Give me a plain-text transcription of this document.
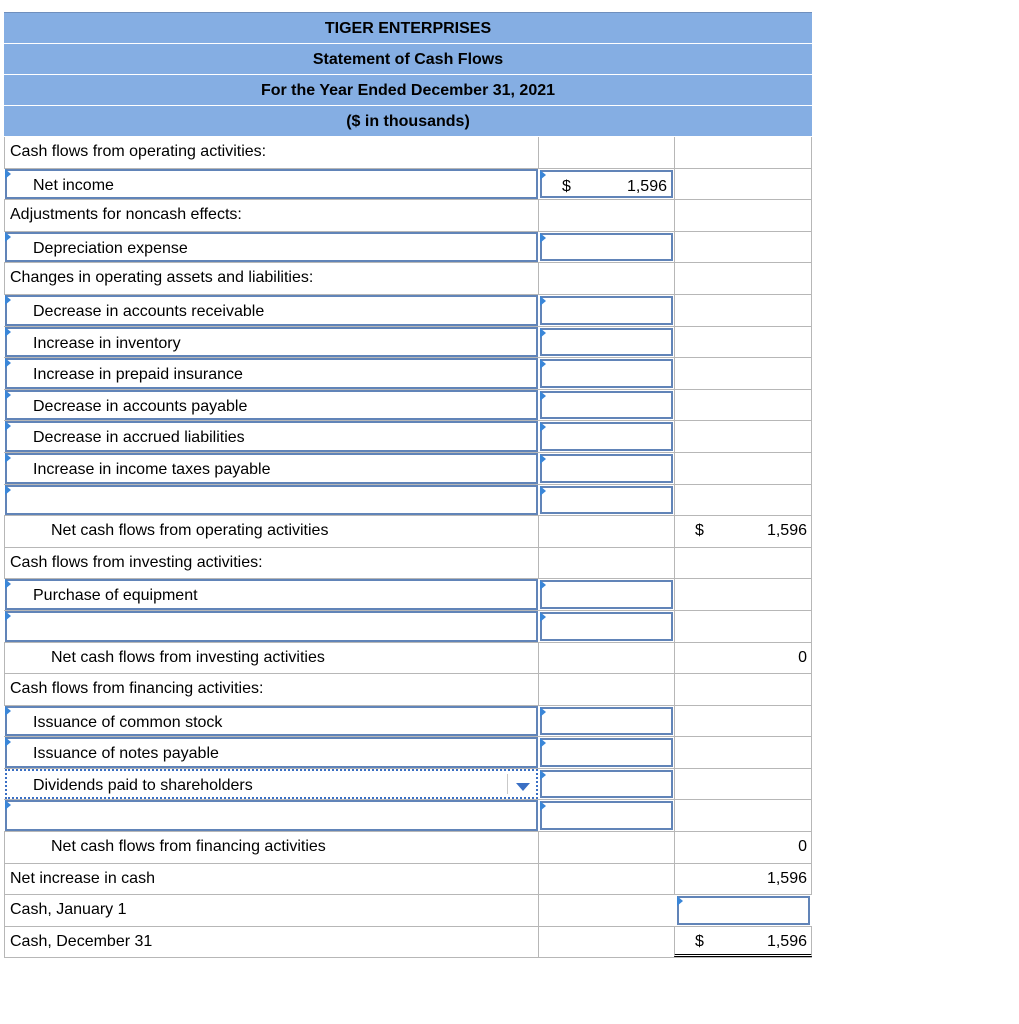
TIGER ENTERPRISES
Statement of Cash Flows
For the Year Ended December 31, 2021
($ in thousands)
Cash flows from operating activities:
Net income	$	1,596
Adjustments for noncash effects:
Depreciation expense
Changes in operating assets and liabilities:
Decrease in accounts receivable
Increase in inventory
Increase in prepaid insurance
Decrease in accounts payable
Decrease in accrued liabilities
Increase in income taxes payable
Net cash flows from operating activities	$	1,596
Cash flows from investing activities:
Purchase of equipment
Net cash flows from investing activities	0
Cash flows from financing activities:
Issuance of common stock
Issuance of notes payable
Dividends paid to shareholders
Net cash flows from financing activities	0
Net increase in cash	1,596
Cash, January 1
Cash, December 31	$	1,596
